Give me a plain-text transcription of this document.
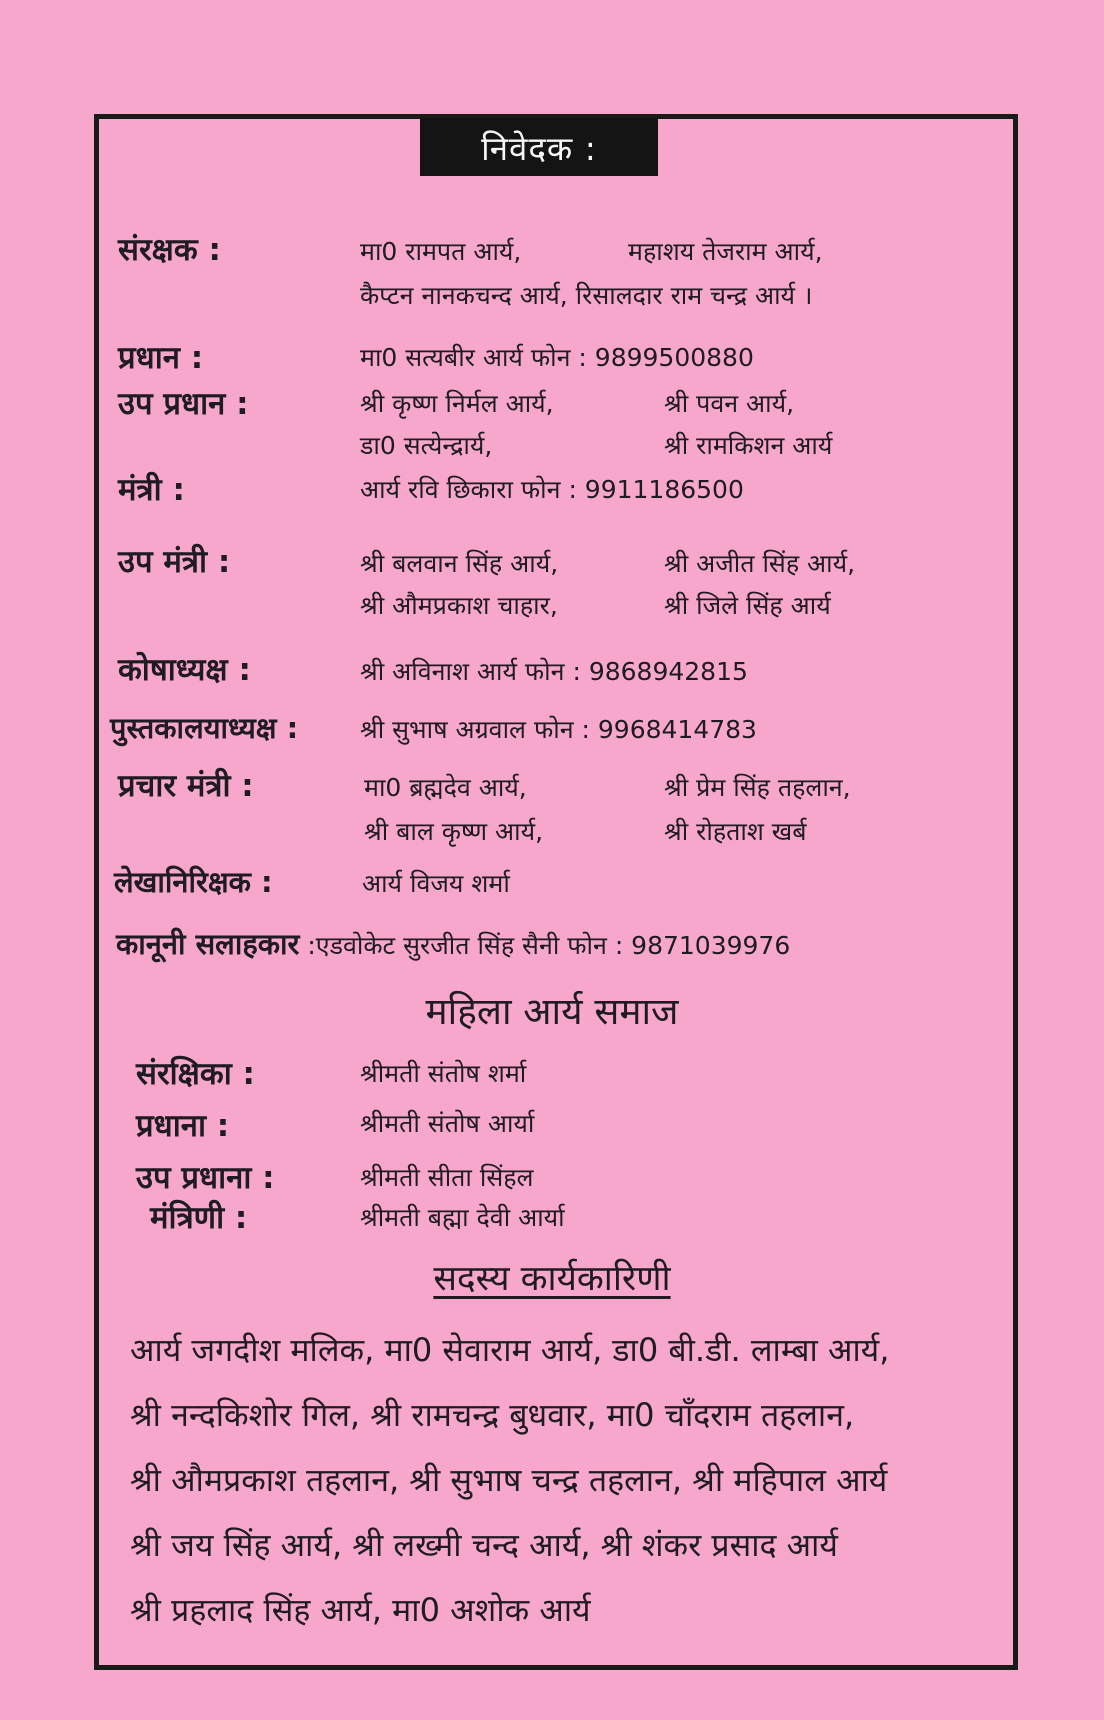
निवेदक :
संरक्षक :	मा0 रामपत आर्य,	महाशय तेजराम आर्य,
कैप्टन नानकचन्द आर्य, रिसालदार राम चन्द्र आर्य ।
प्रधान :	मा0 सत्यबीर आर्य फोन : 9899500880
उप प्रधान :	श्री कृष्ण निर्मल आर्य,	श्री पवन आर्य,
डा0 सत्येन्द्रार्य,	श्री रामकिशन आर्य
मंत्री :	आर्य रवि छिकारा फोन : 9911186500
उप मंत्री :	श्री बलवान सिंह आर्य,	श्री अजीत सिंह आर्य,
श्री औमप्रकाश चाहार,	श्री जिले सिंह आर्य
कोषाध्यक्ष :	श्री अविनाश आर्य फोन : 9868942815
पुस्तकालयाध्यक्ष : श्री सुभाष अग्रवाल फोन : 9968414783
प्रचार मंत्री :	मा0 ब्रह्मदेव आर्य,	श्री प्रेम सिंह तहलान,
श्री बाल कृष्ण आर्य,	श्री रोहताश खर्ब
लेखानिरिक्षक :	आर्य विजय शर्मा
कानूनी सलाहकार :एडवोकेट सुरजीत सिंह सैनी फोन : 9871039976
महिला आर्य समाज
संरक्षिका :	श्रीमती संतोष शर्मा
प्रधाना :	श्रीमती संतोष आर्या
उप प्रधाना :	श्रीमती सीता सिंहल
मंत्रिणी :	श्रीमती बह्मा देवी आर्या
सदस्य कार्यकारिणी
आर्य जगदीश मलिक, मा0 सेवाराम आर्य, डा0 बी.डी. लाम्बा आर्य,
श्री नन्दकिशोर गिल, श्री रामचन्द्र बुधवार, मा0 चाँदराम तहलान,
श्री औमप्रकाश तहलान, श्री सुभाष चन्द्र तहलान, श्री महिपाल आर्य
श्री जय सिंह आर्य, श्री लख्मी चन्द आर्य, श्री शंकर प्रसाद आर्य
श्री प्रहलाद सिंह आर्य, मा0 अशोक आर्य
